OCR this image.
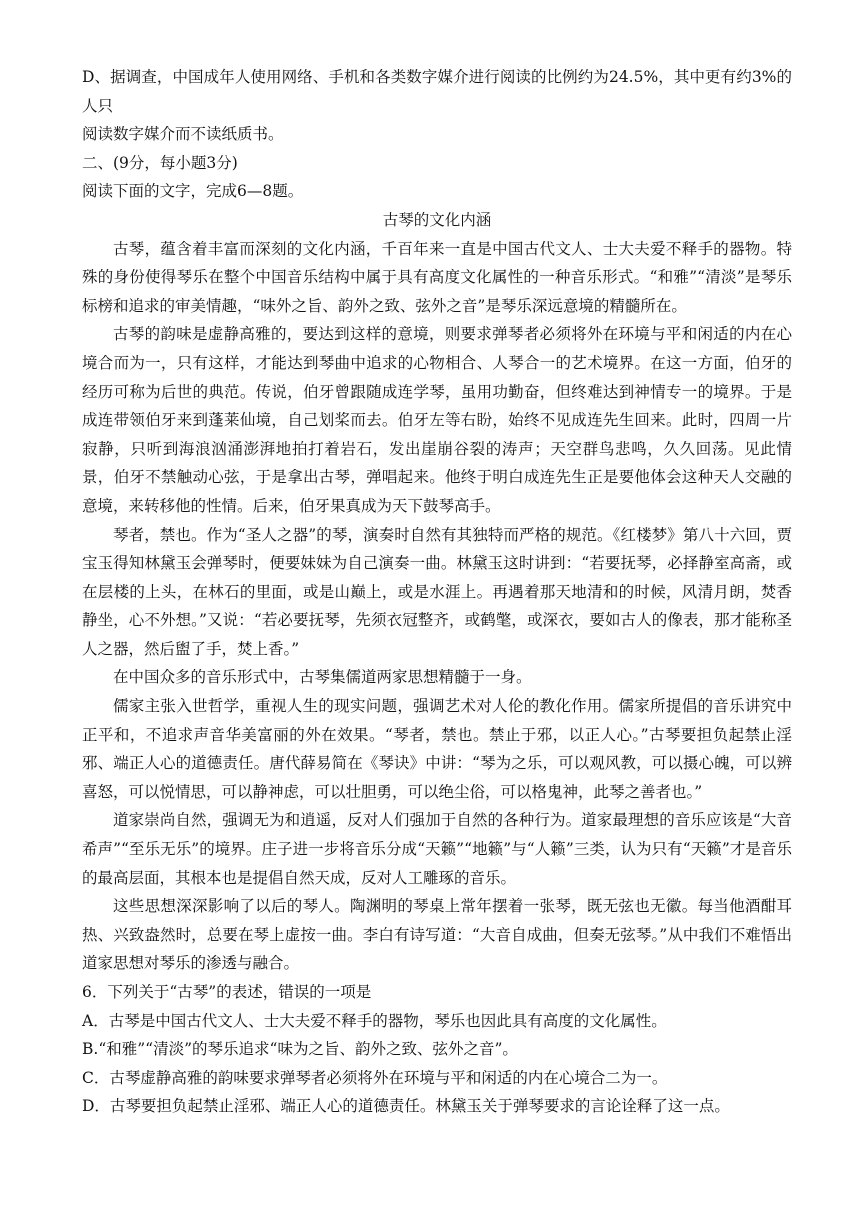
D、据调查，中国成年人使用网络、手机和各类数字媒介进行阅读的比例约为24.5%，其中更有约3%的人只

阅读数字媒介而不读纸质书。

二、(9分，每小题3分)

阅读下面的文字，完成6—8题。

古琴的文化内涵

古琴，蕴含着丰富而深刻的文化内涵，千百年来一直是中国古代文人、士大夫爱不释手的器物。特殊的身份使得琴乐在整个中国音乐结构中属于具有高度文化属性的一种音乐形式。“和雅”“清淡”是琴乐标榜和追求的审美情趣，“味外之旨、韵外之致、弦外之音”是琴乐深远意境的精髓所在。

古琴的韵味是虚静高雅的，要达到这样的意境，则要求弹琴者必须将外在环境与平和闲适的内在心境合而为一，只有这样，才能达到琴曲中追求的心物相合、人琴合一的艺术境界。在这一方面，伯牙的经历可称为后世的典范。传说，伯牙曾跟随成连学琴，虽用功勤奋，但终难达到神情专一的境界。于是成连带领伯牙来到蓬莱仙境，自己划桨而去。伯牙左等右盼，始终不见成连先生回来。此时，四周一片寂静，只听到海浪汹涌澎湃地拍打着岩石，发出崖崩谷裂的涛声；天空群鸟悲鸣，久久回荡。见此情景，伯牙不禁触动心弦，于是拿出古琴，弹唱起来。他终于明白成连先生正是要他体会这种天人交融的意境，来转移他的性情。后来，伯牙果真成为天下鼓琴高手。

琴者，禁也。作为“圣人之器”的琴，演奏时自然有其独特而严格的规范。《红楼梦》第八十六回，贾宝玉得知林黛玉会弹琴时，便要妹妹为自己演奏一曲。林黛玉这时讲到：“若要抚琴，必择静室高斋，或在层楼的上头，在林石的里面，或是山巅上，或是水涯上。再遇着那天地清和的时候，风清月朗，焚香静坐，心不外想。”又说：“若必要抚琴，先须衣冠整齐，或鹤氅，或深衣，要如古人的像表，那才能称圣人之器，然后盥了手，焚上香。”

在中国众多的音乐形式中，古琴集儒道两家思想精髓于一身。

儒家主张入世哲学，重视人生的现实问题，强调艺术对人伦的教化作用。儒家所提倡的音乐讲究中正平和，不追求声音华美富丽的外在效果。“琴者，禁也。禁止于邪，以正人心。”古琴要担负起禁止淫邪、端正人心的道德责任。唐代薛易简在《琴诀》中讲：“琴为之乐，可以观风教，可以摄心魄，可以辨喜怒，可以悦情思，可以静神虑，可以壮胆勇，可以绝尘俗，可以格鬼神，此琴之善者也。”

道家崇尚自然，强调无为和逍遥，反对人们强加于自然的各种行为。道家最理想的音乐应该是“大音希声”“至乐无乐”的境界。庄子进一步将音乐分成“天籁”“地籁”与“人籁”三类，认为只有“天籁”才是音乐的最高层面，其根本也是提倡自然天成，反对人工雕琢的音乐。

这些思想深深影响了以后的琴人。陶渊明的琴桌上常年摆着一张琴，既无弦也无徽。每当他酒酣耳热、兴致盎然时，总要在琴上虚按一曲。李白有诗写道：“大音自成曲，但奏无弦琴。”从中我们不难悟出道家思想对琴乐的渗透与融合。

6．下列关于“古琴”的表述，错误的一项是

A．古琴是中国古代文人、士大夫爱不释手的器物，琴乐也因此具有高度的文化属性。

B.“和雅”“清淡”的琴乐追求“味为之旨、韵外之致、弦外之音”。

C．古琴虚静高雅的韵味要求弹琴者必须将外在环境与平和闲适的内在心境合二为一。

D．古琴要担负起禁止淫邪、端正人心的道德责任。林黛玉关于弹琴要求的言论诠释了这一点。
